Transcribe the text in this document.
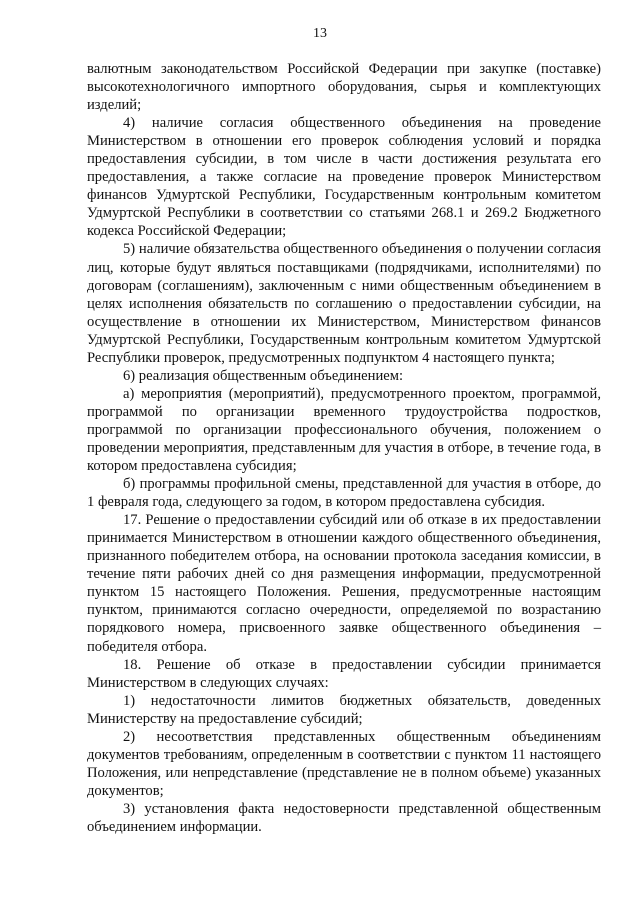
13

валютным законодательством Российской Федерации при закупке (поставке) высокотехнологичного импортного оборудования, сырья и комплектующих изделий;

4) наличие согласия общественного объединения на проведение Министерством в отношении его проверок соблюдения условий и порядка предоставления субсидии, в том числе в части достижения результата его предоставления, а также согласие на проведение проверок Министерством финансов Удмуртской Республики, Государственным контрольным комитетом Удмуртской Республики в соответствии со статьями 268.1 и 269.2 Бюджетного кодекса Российской Федерации;

5) наличие обязательства общественного объединения о получении согласия лиц, которые будут являться поставщиками (подрядчиками, исполнителями) по договорам (соглашениям), заключенным с ними общественным объединением в целях исполнения обязательств по соглашению о предоставлении субсидии, на осуществление в отношении их Министерством, Министерством финансов Удмуртской Республики, Государственным контрольным комитетом Удмуртской Республики проверок, предусмотренных подпунктом 4 настоящего пункта;

6) реализация общественным объединением:

а) мероприятия (мероприятий), предусмотренного проектом, программой, программой по организации временного трудоустройства подростков, программой по организации профессионального обучения, положением о проведении мероприятия, представленным для участия в отборе, в течение года, в котором предоставлена субсидия;

б) программы профильной смены, представленной для участия в отборе, до 1 февраля года, следующего за годом, в котором предоставлена субсидия.

17. Решение о предоставлении субсидий или об отказе в их предоставлении принимается Министерством в отношении каждого общественного объединения, признанного победителем отбора, на основании протокола заседания комиссии, в течение пяти рабочих дней со дня размещения информации, предусмотренной пунктом 15 настоящего Положения. Решения, предусмотренные настоящим пунктом, принимаются согласно очередности, определяемой по возрастанию порядкового номера, присвоенного заявке общественного объединения – победителя отбора.

18. Решение об отказе в предоставлении субсидии принимается Министерством в следующих случаях:

1) недостаточности лимитов бюджетных обязательств, доведенных Министерству на предоставление субсидий;

2) несоответствия представленных общественным объединениям документов требованиям, определенным в соответствии с пунктом 11 настоящего Положения, или непредставление (представление не в полном объеме) указанных документов;

3) установления факта недостоверности представленной общественным объединением информации.
